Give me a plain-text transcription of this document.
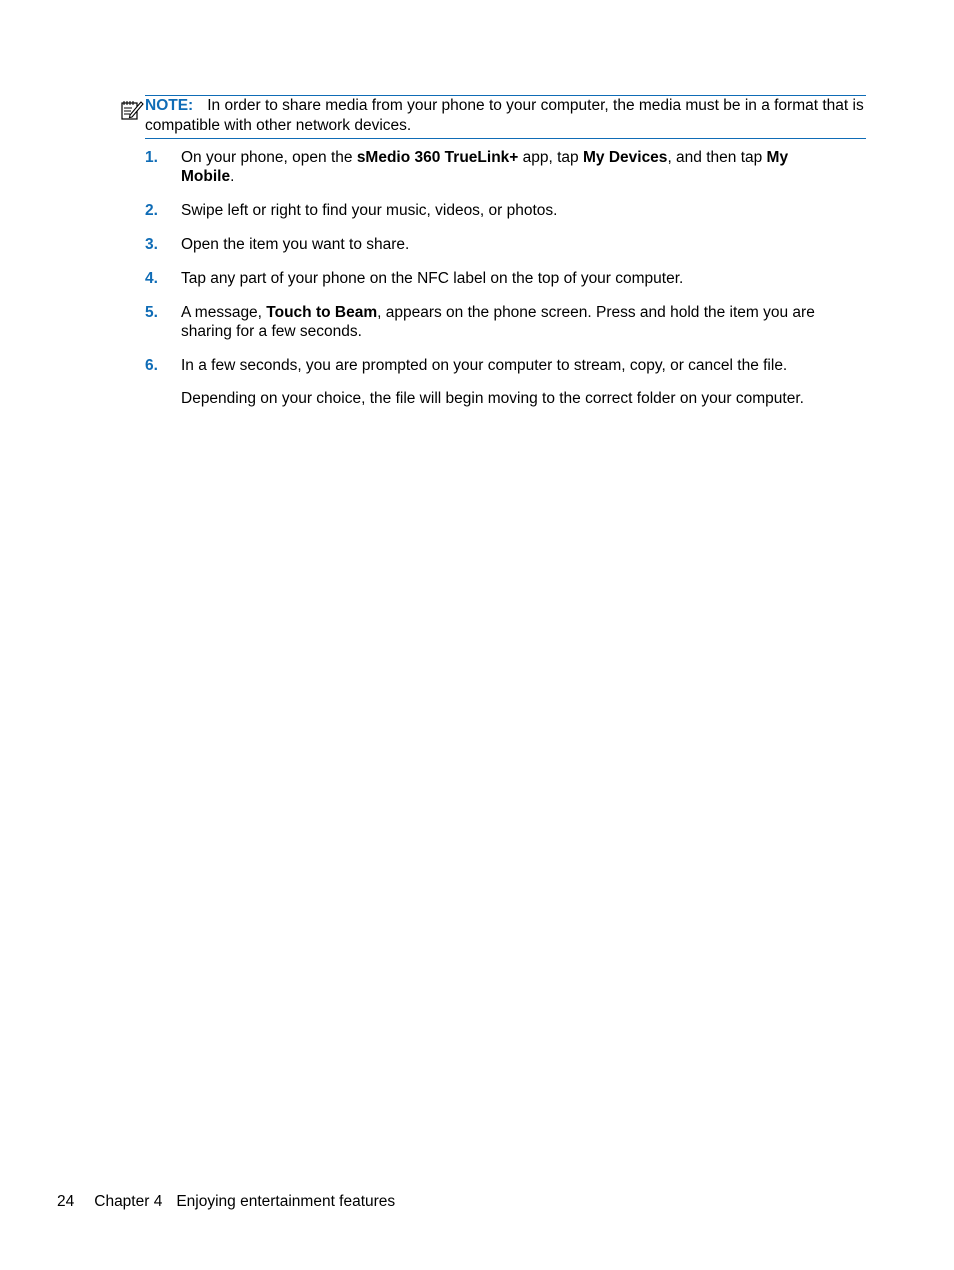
NOTE: In order to share media from your phone to your computer, the media must be in a format that is compatible with other network devices.
1. On your phone, open the sMedio 360 TrueLink+ app, tap My Devices, and then tap My Mobile.
2. Swipe left or right to find your music, videos, or photos.
3. Open the item you want to share.
4. Tap any part of your phone on the NFC label on the top of your computer.
5. A message, Touch to Beam, appears on the phone screen. Press and hold the item you are sharing for a few seconds.
6. In a few seconds, you are prompted on your computer to stream, copy, or cancel the file.
Depending on your choice, the file will begin moving to the correct folder on your computer.
24 Chapter 4 Enjoying entertainment features
